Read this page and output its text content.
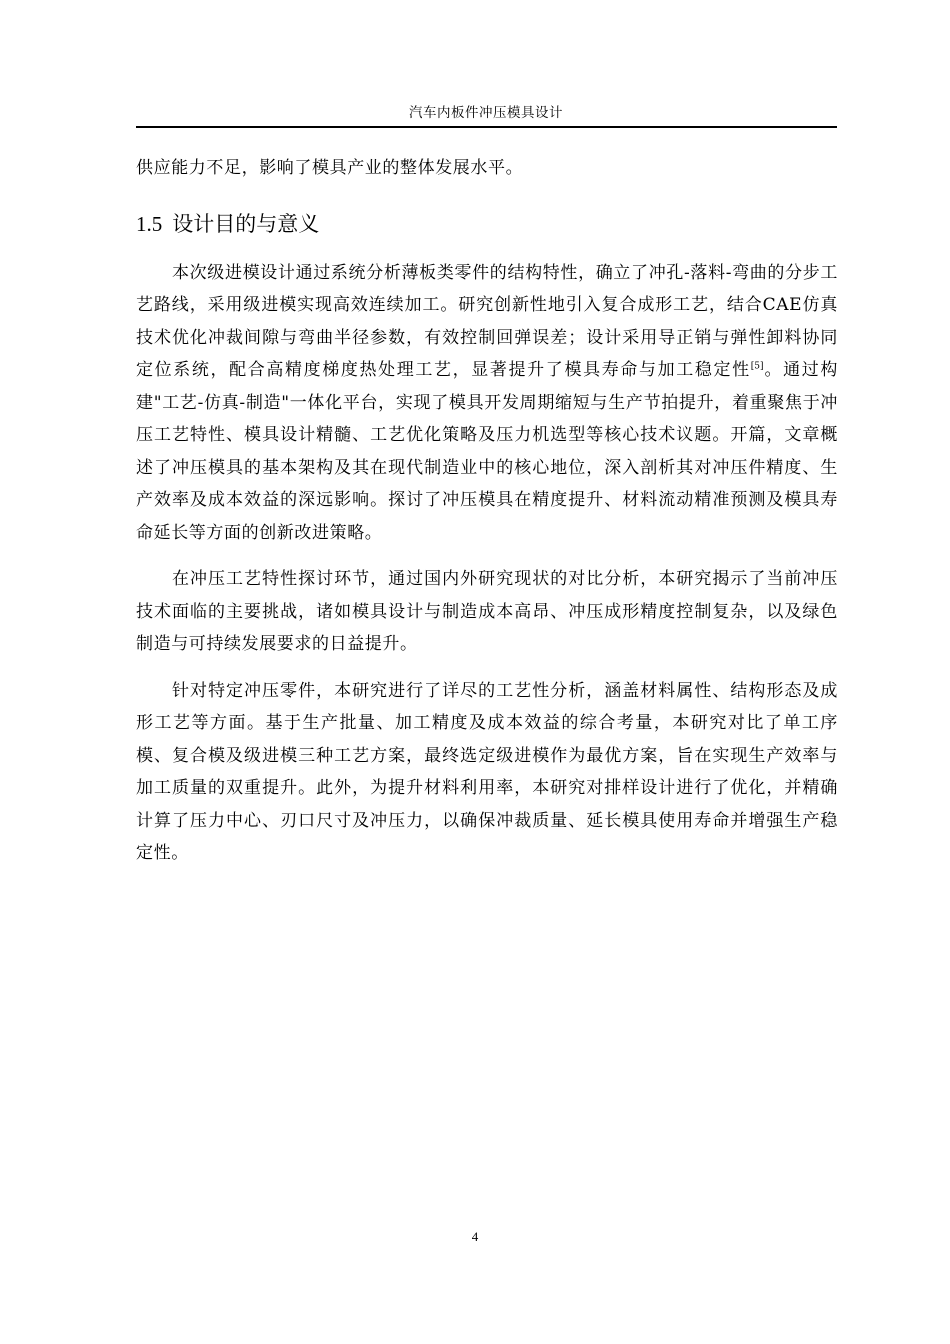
汽车内板件冲压模具设计

供应能力不足，影响了模具产业的整体发展水平。

1.5 设计目的与意义

本次级进模设计通过系统分析薄板类零件的结构特性，确立了冲孔-落料-弯曲的分步工艺路线，采用级进模实现高效连续加工。研究创新性地引入复合成形工艺，结合CAE仿真技术优化冲裁间隙与弯曲半径参数，有效控制回弹误差；设计采用导正销与弹性卸料协同定位系统，配合高精度梯度热处理工艺，显著提升了模具寿命与加工稳定性[5]。通过构建"工艺-仿真-制造"一体化平台，实现了模具开发周期缩短与生产节拍提升，着重聚焦于冲压工艺特性、模具设计精髓、工艺优化策略及压力机选型等核心技术议题。开篇，文章概述了冲压模具的基本架构及其在现代制造业中的核心地位，深入剖析其对冲压件精度、生产效率及成本效益的深远影响。探讨了冲压模具在精度提升、材料流动精准预测及模具寿命延长等方面的创新改进策略。

在冲压工艺特性探讨环节，通过国内外研究现状的对比分析，本研究揭示了当前冲压技术面临的主要挑战，诸如模具设计与制造成本高昂、冲压成形精度控制复杂，以及绿色制造与可持续发展要求的日益提升。

针对特定冲压零件，本研究进行了详尽的工艺性分析，涵盖材料属性、结构形态及成形工艺等方面。基于生产批量、加工精度及成本效益的综合考量，本研究对比了单工序模、复合模及级进模三种工艺方案，最终选定级进模作为最优方案，旨在实现生产效率与加工质量的双重提升。此外，为提升材料利用率，本研究对排样设计进行了优化，并精确计算了压力中心、刃口尺寸及冲压力，以确保冲裁质量、延长模具使用寿命并增强生产稳定性。

4
